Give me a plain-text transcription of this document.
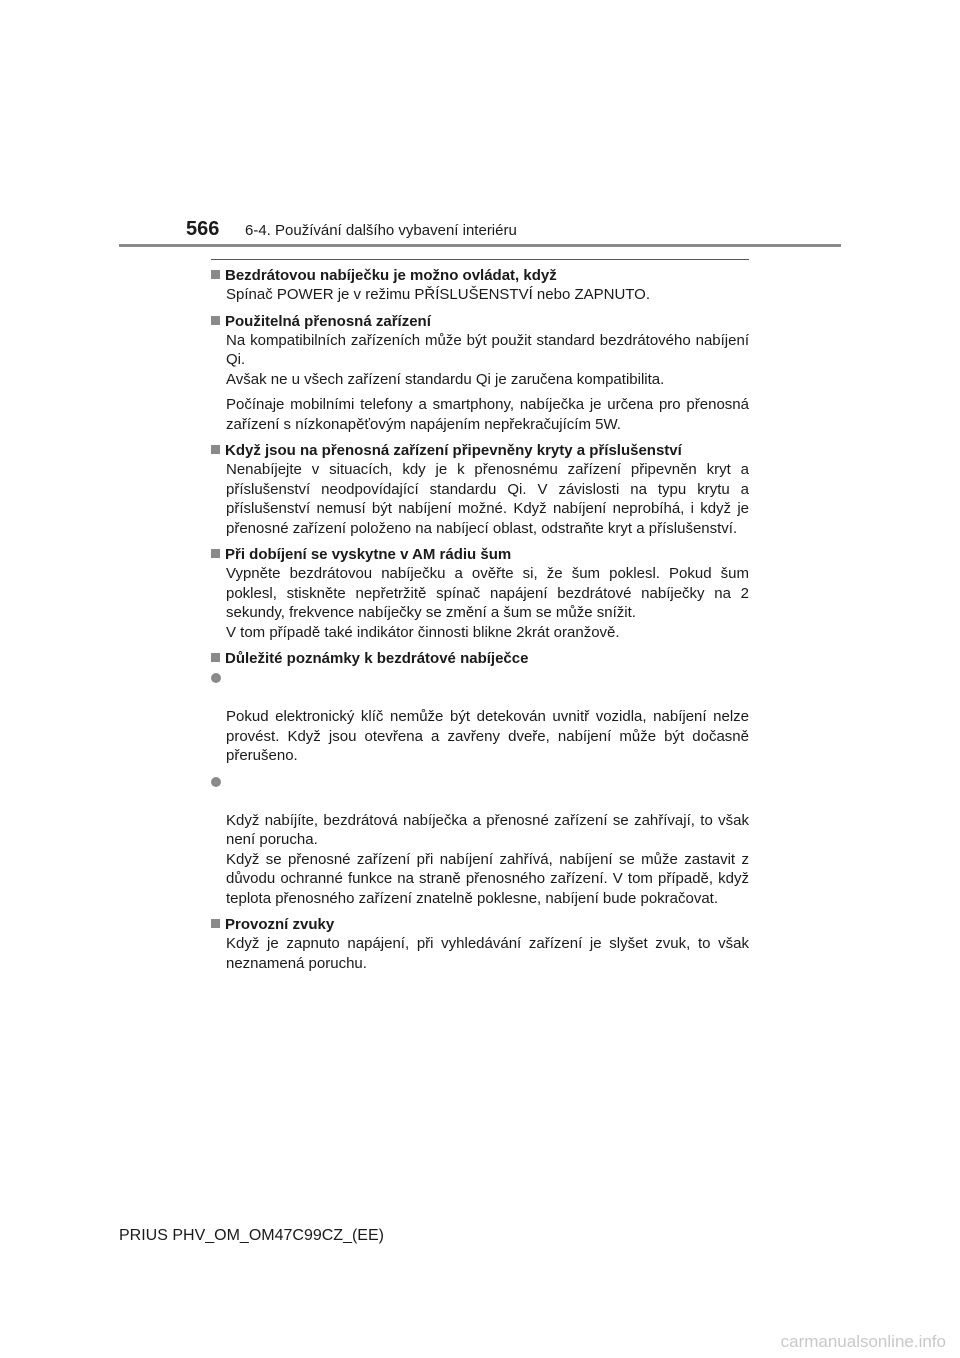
566 6-4. Používání dalšího vybavení interiéru
Bezdrátovou nabíječku je možno ovládat, když
Spínač POWER je v režimu PŘÍSLUŠENSTVÍ nebo ZAPNUTO.
Použitelná přenosná zařízení
Na kompatibilních zařízeních může být použit standard bezdrátového nabíjení Qi.
Avšak ne u všech zařízení standardu Qi je zaručena kompatibilita.
Počínaje mobilními telefony a smartphony, nabíječka je určena pro přenosná zařízení s nízkonapěťovým napájením nepřekračujícím 5W.
Když jsou na přenosná zařízení připevněny kryty a příslušenství
Nenabíjejte v situacích, kdy je k přenosnému zařízení připevněn kryt a příslušenství neodpovídající standardu Qi. V závislosti na typu krytu a příslušenství nemusí být nabíjení možné. Když nabíjení neprobíhá, i když je přenosné zařízení položeno na nabíjecí oblast, odstraňte kryt a příslušenství.
Při dobíjení se vyskytne v AM rádiu šum
Vypněte bezdrátovou nabíječku a ověřte si, že šum poklesl. Pokud šum poklesl, stiskněte nepřetržitě spínač napájení bezdrátové nabíječky na 2 sekundy, frekvence nabíječky se změní a šum se může snížit.
V tom případě také indikátor činnosti blikne 2krát oranžově.
Důležité poznámky k bezdrátové nabíječce

Pokud elektronický klíč nemůže být detekován uvnitř vozidla, nabíjení nelze provést. Když jsou otevřena a zavřeny dveře, nabíjení může být dočasně přerušeno.

Když nabíjíte, bezdrátová nabíječka a přenosné zařízení se zahřívají, to však není porucha.
Když se přenosné zařízení při nabíjení zahřívá, nabíjení se může zastavit z důvodu ochranné funkce na straně přenosného zařízení. V tom případě, když teplota přenosného zařízení znatelně poklesne, nabíjení bude pokračovat.

Provozní zvuky
Když je zapnuto napájení, při vyhledávání zařízení je slyšet zvuk, to však neznamená poruchu.
PRIUS PHV_OM_OM47C99CZ_(EE)
carmanualsonline.info
